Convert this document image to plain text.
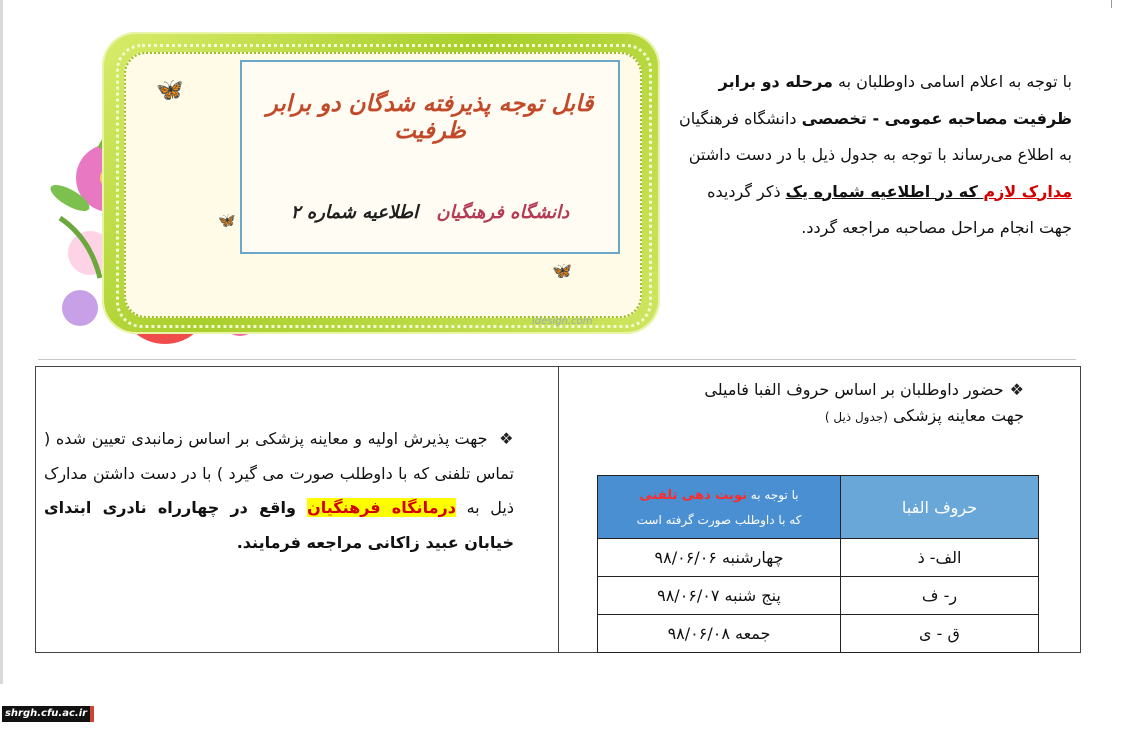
🦋
🦋
🦋
قابل توجه پذیرفته شدگان دو برابر ظرفیت
دانشگاه فرهنگیان اطلاعیه شماره ۲
idesign.com
با توجه به اعلام اسامی داوطلبان به مرحله دو برابر ظرفیت مصاحبه عمومی - تخصصی دانشگاه فرهنگیان به اطلاع می‌رساند با توجه به جدول ذیل با در دست داشتن مدارک لازم که در اطلاعیه شماره یک ذکر گردیده جهت انجام مراحل مصاحبه مراجعه گردد.
❖حضور داوطلبان بر اساس حروف الفبا فامیلی
جهت معاینه پزشکی (جدول ذیل )
❖ جهت پذیرش اولیه و معاینه پزشکی بر اساس زمانبدی تعیین شده ( تماس تلفنی که با داوطلب صورت می گیرد ) با در دست داشتن مدارک ذیل به درمانگاه فرهنگیان واقع در چهارراه نادری ابتدای خیابان عبید زاکانی مراجعه فرمایند.
حروف الفبا	با توجه به نوبت دهی تلفنی
که با داوطلب صورت گرفته است
الف- ذ	چهارشنبه ۹۸/۰۶/۰۶
ر- ف	پنج شنبه ۹۸/۰۶/۰۷
ق - ی	جمعه ۹۸/۰۶/۰۸
shrgh.cfu.ac.ir
